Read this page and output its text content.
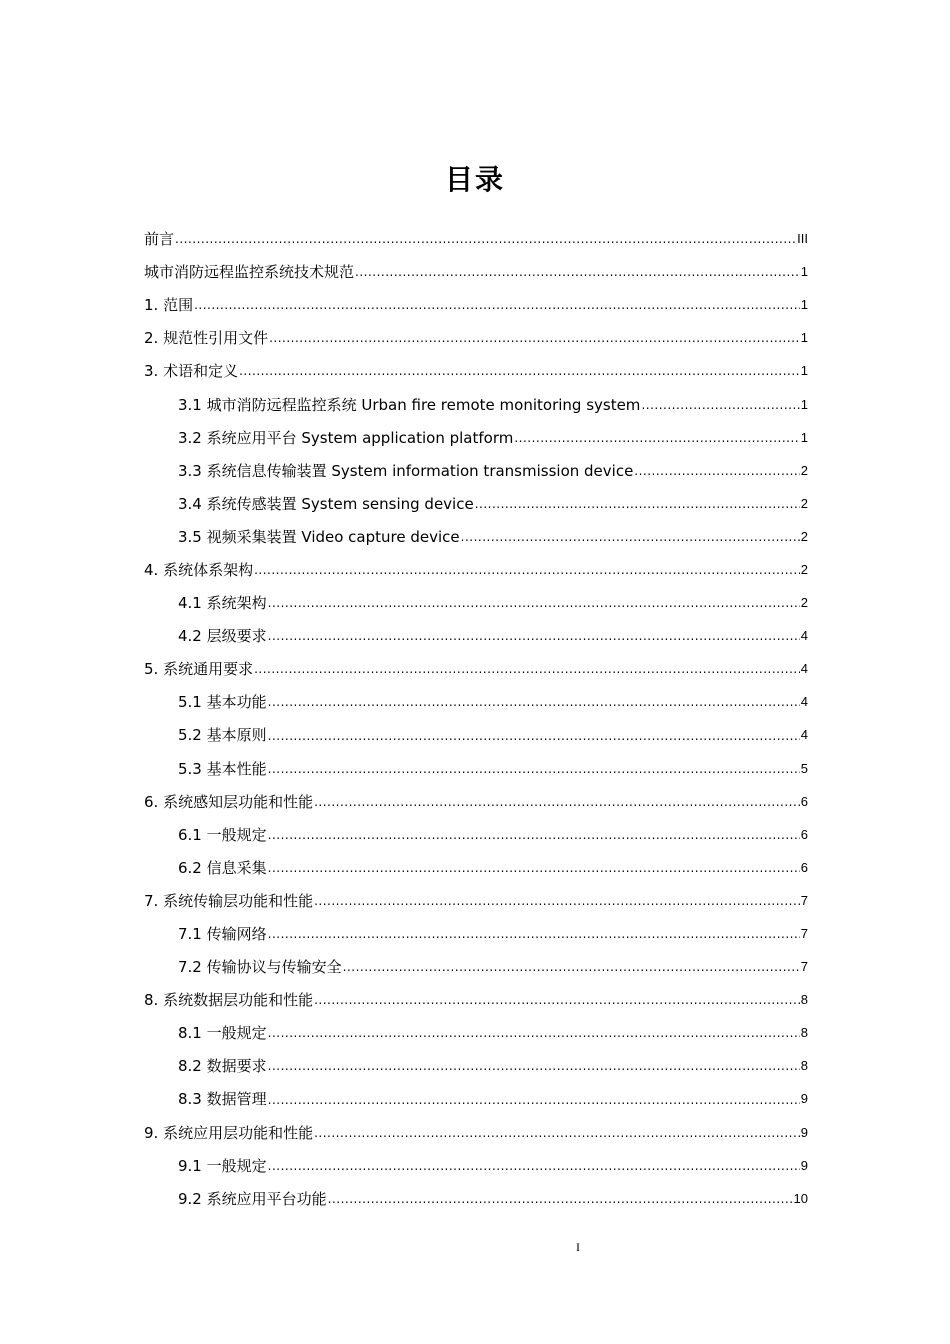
目录
前言 .....	III
城市消防远程监控系统技术规范 .....	1
1. 范围 .....	1
2. 规范性引用文件 .....	1
3. 术语和定义 .....	1
3.1 城市消防远程监控系统 Urban fire remote monitoring system .....	1
3.2 系统应用平台 System application platform .....	1
3.3 系统信息传输装置 System information transmission device .....	2
3.4 系统传感装置 System sensing device .....	2
3.5 视频采集装置 Video capture device .....	2
4. 系统体系架构 .....	2
4.1 系统架构 .....	2
4.2 层级要求 .....	4
5. 系统通用要求 .....	4
5.1 基本功能 .....	4
5.2 基本原则 .....	4
5.3 基本性能 .....	5
6. 系统感知层功能和性能 .....	6
6.1 一般规定 .....	6
6.2 信息采集 .....	6
7. 系统传输层功能和性能 .....	7
7.1 传输网络 .....	7
7.2 传输协议与传输安全 .....	7
8. 系统数据层功能和性能 .....	8
8.1 一般规定 .....	8
8.2 数据要求 .....	8
8.3 数据管理 .....	9
9. 系统应用层功能和性能 .....	9
9.1 一般规定 .....	9
9.2 系统应用平台功能 .....	10
I
